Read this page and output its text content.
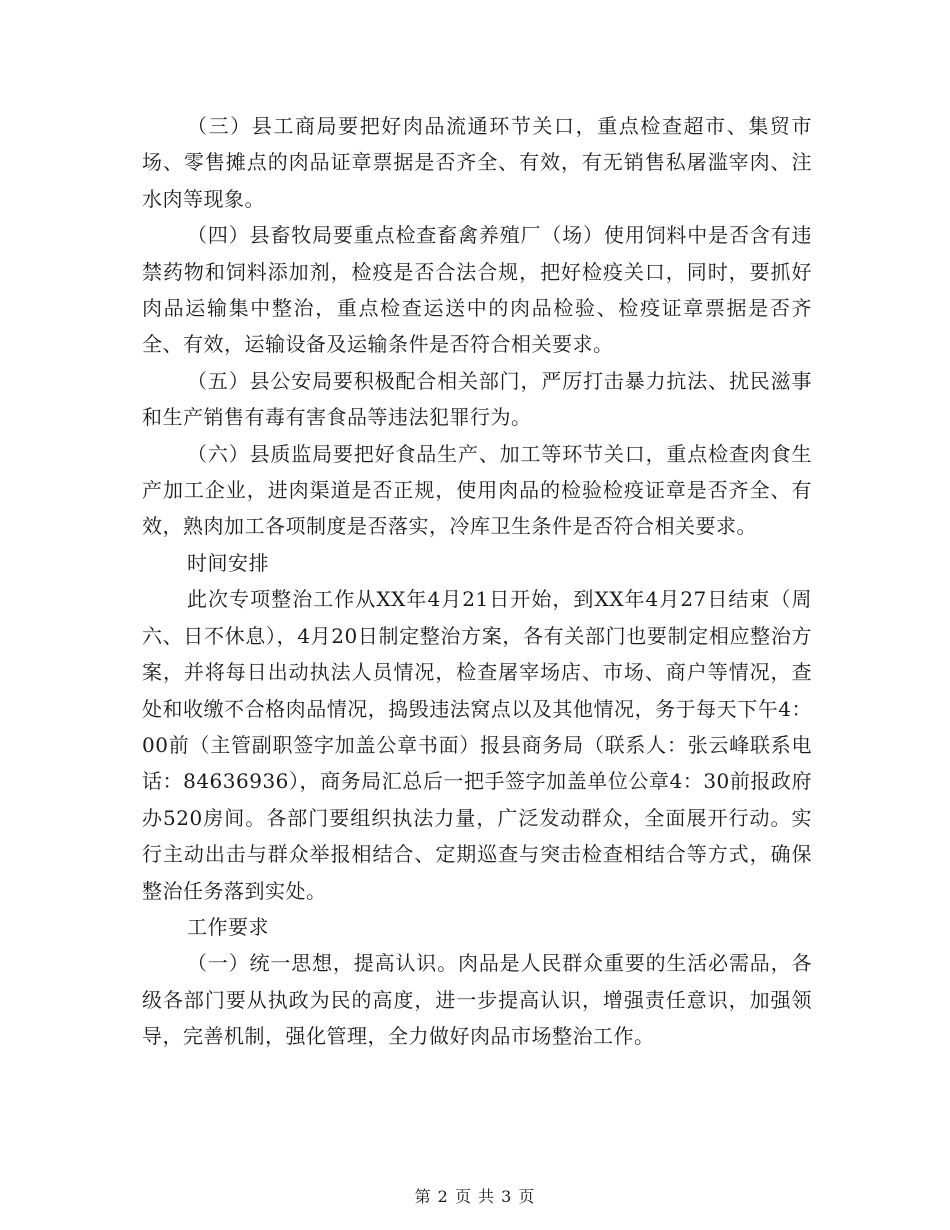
（三）县工商局要把好肉品流通环节关口，重点检查超市、集贸市场、零售摊点的肉品证章票据是否齐全、有效，有无销售私屠滥宰肉、注水肉等现象。

（四）县畜牧局要重点检查畜禽养殖厂（场）使用饲料中是否含有违禁药物和饲料添加剂，检疫是否合法合规，把好检疫关口，同时，要抓好肉品运输集中整治，重点检查运送中的肉品检验、检疫证章票据是否齐全、有效，运输设备及运输条件是否符合相关要求。

（五）县公安局要积极配合相关部门，严厉打击暴力抗法、扰民滋事和生产销售有毒有害食品等违法犯罪行为。

（六）县质监局要把好食品生产、加工等环节关口，重点检查肉食生产加工企业，进肉渠道是否正规，使用肉品的检验检疫证章是否齐全、有效，熟肉加工各项制度是否落实，冷库卫生条件是否符合相关要求。

时间安排

此次专项整治工作从XX年4月21日开始，到XX年4月27日结束（周六、日不休息），4月20日制定整治方案，各有关部门也要制定相应整治方案，并将每日出动执法人员情况，检查屠宰场店、市场、商户等情况，查处和收缴不合格肉品情况，捣毁违法窝点以及其他情况，务于每天下午4：00前（主管副职签字加盖公章书面）报县商务局（联系人：张云峰联系电话：84636936），商务局汇总后一把手签字加盖单位公章4：30前报政府办520房间。各部门要组织执法力量，广泛发动群众，全面展开行动。实行主动出击与群众举报相结合、定期巡查与突击检查相结合等方式，确保整治任务落到实处。

工作要求

（一）统一思想，提高认识。肉品是人民群众重要的生活必需品，各级各部门要从执政为民的高度，进一步提高认识，增强责任意识，加强领导，完善机制，强化管理，全力做好肉品市场整治工作。

第 2 页 共 3 页
